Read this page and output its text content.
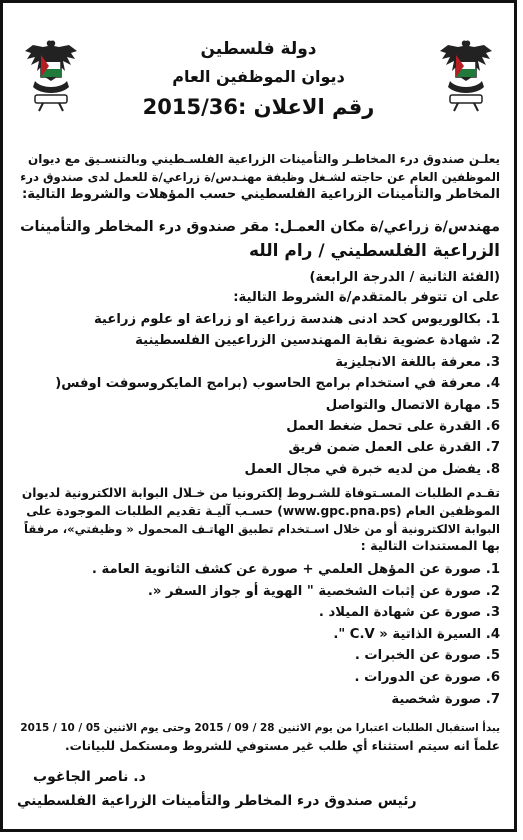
دولة فلسطين
ديوان الموظفين العام
رقم الاعلان :2015/36
يعلـن صندوق درء المخاطـر والتأمينات الزراعية الفلسـطيني وبالتنسـيق مع ديوان
الموظفين العام عن حاجته لشـغل وظيفة مهنـدس/ة زراعي/ة للعمل لدى صندوق درء
المخاطر والتأمينات الزراعية الفلسطيني حسب المؤهلات والشروط التالية:
مهندس/ة زراعي/ة مكان العمـل: مقر صندوق درء المخاطر والتأمينات
الزراعية الفلسطيني / رام الله
(الفئة الثانية / الدرجة الرابعة)
على ان تتوفر بالمتقدم/ة الشروط التالية:
1. بكالوريوس كحد ادنى هندسة زراعية او زراعة او علوم زراعية
2. شهادة عضوية نقابة المهندسين الزراعيين الفلسطينية
3. معرفة باللغة الانجليزية
4. معرفة في استخدام برامج الحاسوب (برامج المايكروسوفت اوفس(
5. مهارة الاتصال والتواصل
6. القدرة على تحمل ضغط العمل
7. القدرة على العمل ضمن فريق
8. يفضل من لديه خبرة في مجال العمل
تقـدم الطلبات المسـتوفاة للشـروط إلكترونيا من خـلال البوابة الالكترونية لديوان
الموظفين العام (www.gpc.pna.ps) حسـب آليـة تقديم الطلبات الموجودة على
البوابة الالكترونية أو من خلال اسـتخدام تطبيق الهاتـف المحمول « وظيفتي»، مرفقاً
بها المستندات التالية :
1. صورة عن المؤهل العلمي + صورة عن كشف الثانوية العامة .
2. صورة عن إثبات الشخصية " الهوية أو جواز السفر «.
3. صورة عن شهادة الميلاد .
4. السيرة الذاتية « C.V ".
5. صورة عن الخبرات .
6. صورة عن الدورات .
7. صورة شخصية
يبدأ استقبال الطلبات اعتبارا من يوم الاثنين 28 / 09 / 2015 وحتى يوم الاثنين 05 / 10 / 2015
علماً انه سيتم استثناء أي طلب غير مستوفي للشروط ومستكمل للبيانات.
د. ناصر الجاغوب
رئيس صندوق درء المخاطر والتأمينات الزراعية الفلسطيني
